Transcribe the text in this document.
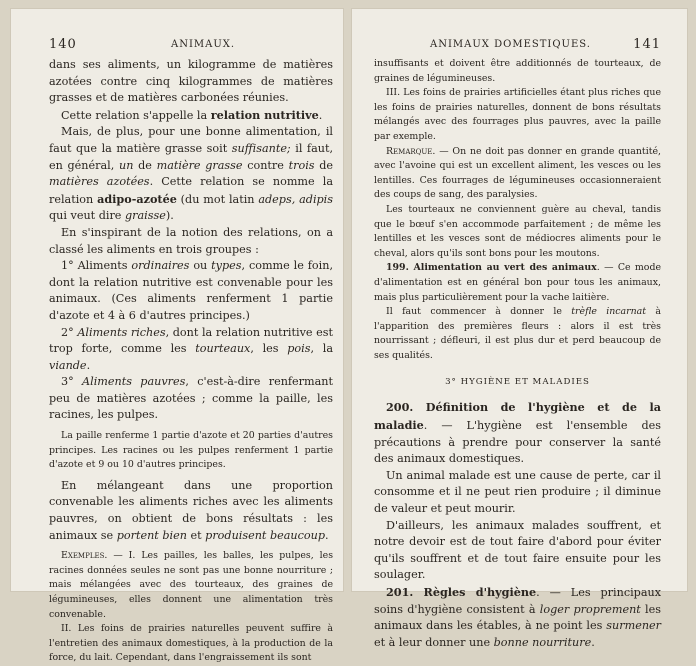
140	ANIMAUX.

dans ses aliments, un kilogramme de matières azotées contre cinq kilogrammes de matières grasses et de matières carbonées réunies.

Cette relation s'appelle la relation nutritive.

Mais, de plus, pour une bonne alimentation, il faut que la matière grasse soit suffisante; il faut, en général, un de matière grasse contre trois de matières azotées. Cette relation se nomme la relation adipo-azotée (du mot latin adeps, adipis qui veut dire graisse).

En s'inspirant de la notion des relations, on a classé les aliments en trois groupes :

1° Aliments ordinaires ou types, comme le foin, dont la relation nutritive est convenable pour les animaux. (Ces aliments renferment 1 partie d'azote et 4 à 6 d'autres principes.)

2° Aliments riches, dont la relation nutritive est trop forte, comme les tourteaux, les pois, la viande.

3° Aliments pauvres, c'est-à-dire renfermant peu de matières azotées ; comme la paille, les racines, les pulpes.

La paille renferme 1 partie d'azote et 20 parties d'autres principes. Les racines ou les pulpes renferment 1 partie d'azote et 9 ou 10 d'autres principes.

En mélangeant dans une proportion convenable les aliments riches avec les aliments pauvres, on obtient de bons résultats : les animaux se portent bien et produisent beaucoup.

Exemples. — I. Les pailles, les balles, les pulpes, les racines données seules ne sont pas une bonne nourriture ; mais mélangées avec des tourteaux, des graines de légumineuses, elles donnent une alimentation très convenable.

II. Les foins de prairies naturelles peuvent suffire à l'entretien des animaux domestiques, à la production de la force, du lait. Cependant, dans l'engraissement ils sont

ANIMAUX DOMESTIQUES.	141

insuffisants et doivent être additionnés de tourteaux, de graines de légumineuses.

III. Les foins de prairies artificielles étant plus riches que les foins de prairies naturelles, donnent de bons résultats mélangés avec des fourrages plus pauvres, avec la paille par exemple.

Remarque. — On ne doit pas donner en grande quantité, avec l'avoine qui est un excellent aliment, les vesces ou les lentilles. Ces fourrages de légumineuses occasionneraient des coups de sang, des paralysies.

Les tourteaux ne conviennent guère au cheval, tandis que le bœuf s'en accommode parfaitement ; de même les lentilles et les vesces sont de médiocres aliments pour le cheval, alors qu'ils sont bons pour les moutons.

199. Alimentation au vert des animaux. — Ce mode d'alimentation est en général bon pour tous les animaux, mais plus particulièrement pour la vache laitière.

Il faut commencer à donner le trèfle incarnat à l'apparition des premières fleurs : alors il est très nourrissant ; défleuri, il est plus dur et perd beaucoup de ses qualités.

3° HYGIÈNE ET MALADIES

200. Définition de l'hygiène et de la maladie. — L'hygiène est l'ensemble des précautions à prendre pour conserver la santé des animaux domestiques.

Un animal malade est une cause de perte, car il consomme et il ne peut rien produire ; il diminue de valeur et peut mourir.

D'ailleurs, les animaux malades souffrent, et notre devoir est de tout faire d'abord pour éviter qu'ils souffrent et de tout faire ensuite pour les soulager.

201. Règles d'hygiène. — Les principaux soins d'hygiène consistent à loger proprement les animaux dans les étables, à ne point les surmener et à leur donner une bonne nourriture.
